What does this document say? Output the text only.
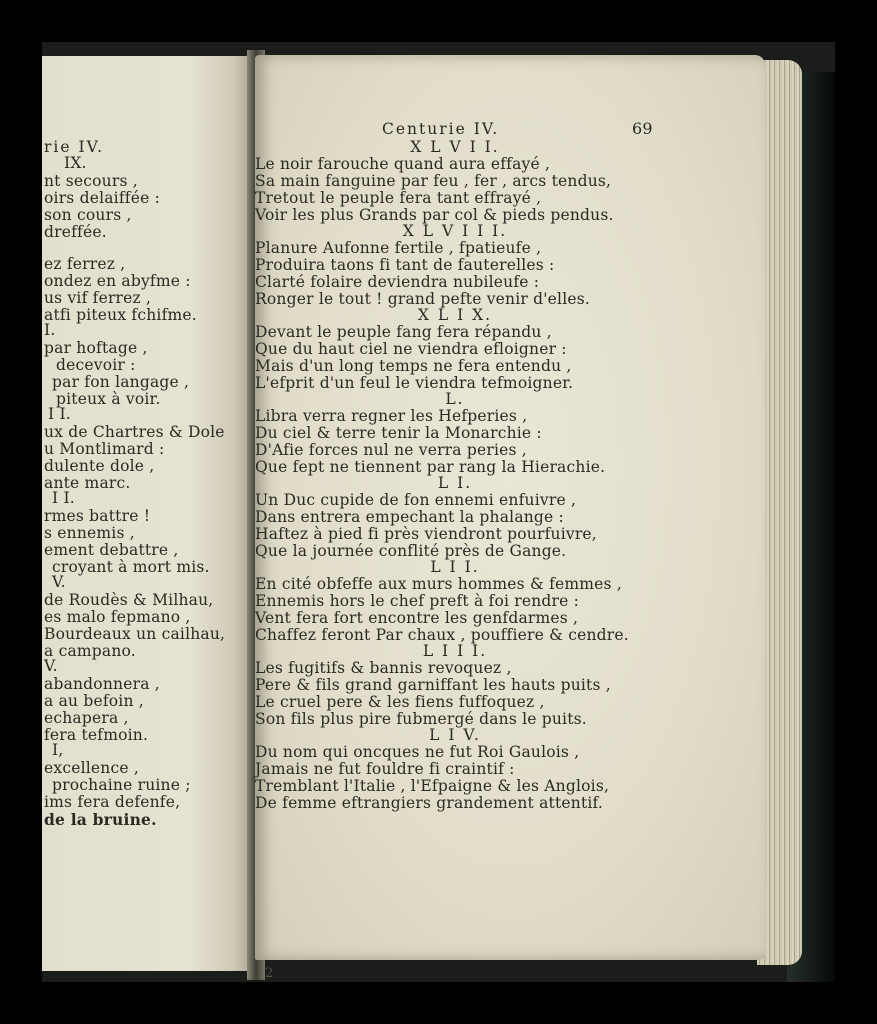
rie IV.
IX.
nt secours ,
oirs delaiffée :
son cours ,
dreffée.
ez ferrez ,
ondez en abyfme :
us vif ferrez ,
atfi piteux fchifme.
I.
par hoftage ,
decevoir :
par fon langage ,
piteux à voir.
I I.
ux de Chartres & Dole
u Montlimard :
dulente dole ,
ante marc.
I I.
rmes battre !
s ennemis ,
ement debattre ,
croyant à mort mis.
V.
de Roudès & Milhau,
es malo fepmano ,
Bourdeaux un cailhau,
a campano.
V.
abandonnera ,
a au befoin ,
echapera ,
fera tefmoin.
I,
excellence ,
prochaine ruine ;
ims fera defenfe,
de la bruine.
Centurie IV.	69
X L V I I.
Le noir farouche quand aura effayé ,
Sa main fanguine par feu , fer , arcs tendus,
Tretout le peuple fera tant effrayé ,
Voir les plus Grands par col & pieds pendus.
X L V I I I.
Planure Aufonne fertile , fpatieufe ,
Produira taons fi tant de fauterelles :
Clarté folaire deviendra nubileufe :
Ronger le tout ! grand pefte venir d'elles.
X L I X.
Devant le peuple fang fera répandu ,
Que du haut ciel ne viendra efloigner :
Mais d'un long temps ne fera entendu ,
L'efprit d'un feul le viendra tefmoigner.
L.
Libra verra regner les Hefperies ,
Du ciel & terre tenir la Monarchie :
D'Afie forces nul ne verra peries ,
Que fept ne tiennent par rang la Hierachie.
L I.
Un Duc cupide de fon ennemi enfuivre ,
Dans entrera empechant la phalange :
Haftez à pied fi près viendront pourfuivre,
Que la journée conflité près de Gange.
L I I.
En cité obfeffe aux murs hommes & femmes ,
Ennemis hors le chef preft à foi rendre :
Vent fera fort encontre les genfdarmes ,
Chaffez feront Par chaux , pouffiere & cendre.
L I I I.
Les fugitifs & bannis revoquez ,
Pere & fils grand garniffant les hauts puits ,
Le cruel pere & les fiens fuffoquez ,
Son fils plus pire fubmergé dans le puits.
L I V.
Du nom qui oncques ne fut Roi Gaulois ,
Jamais ne fut fouldre fi craintif :
Tremblant l'Italie , l'Efpaigne & les Anglois,
De femme eftrangiers grandement attentif.
2
